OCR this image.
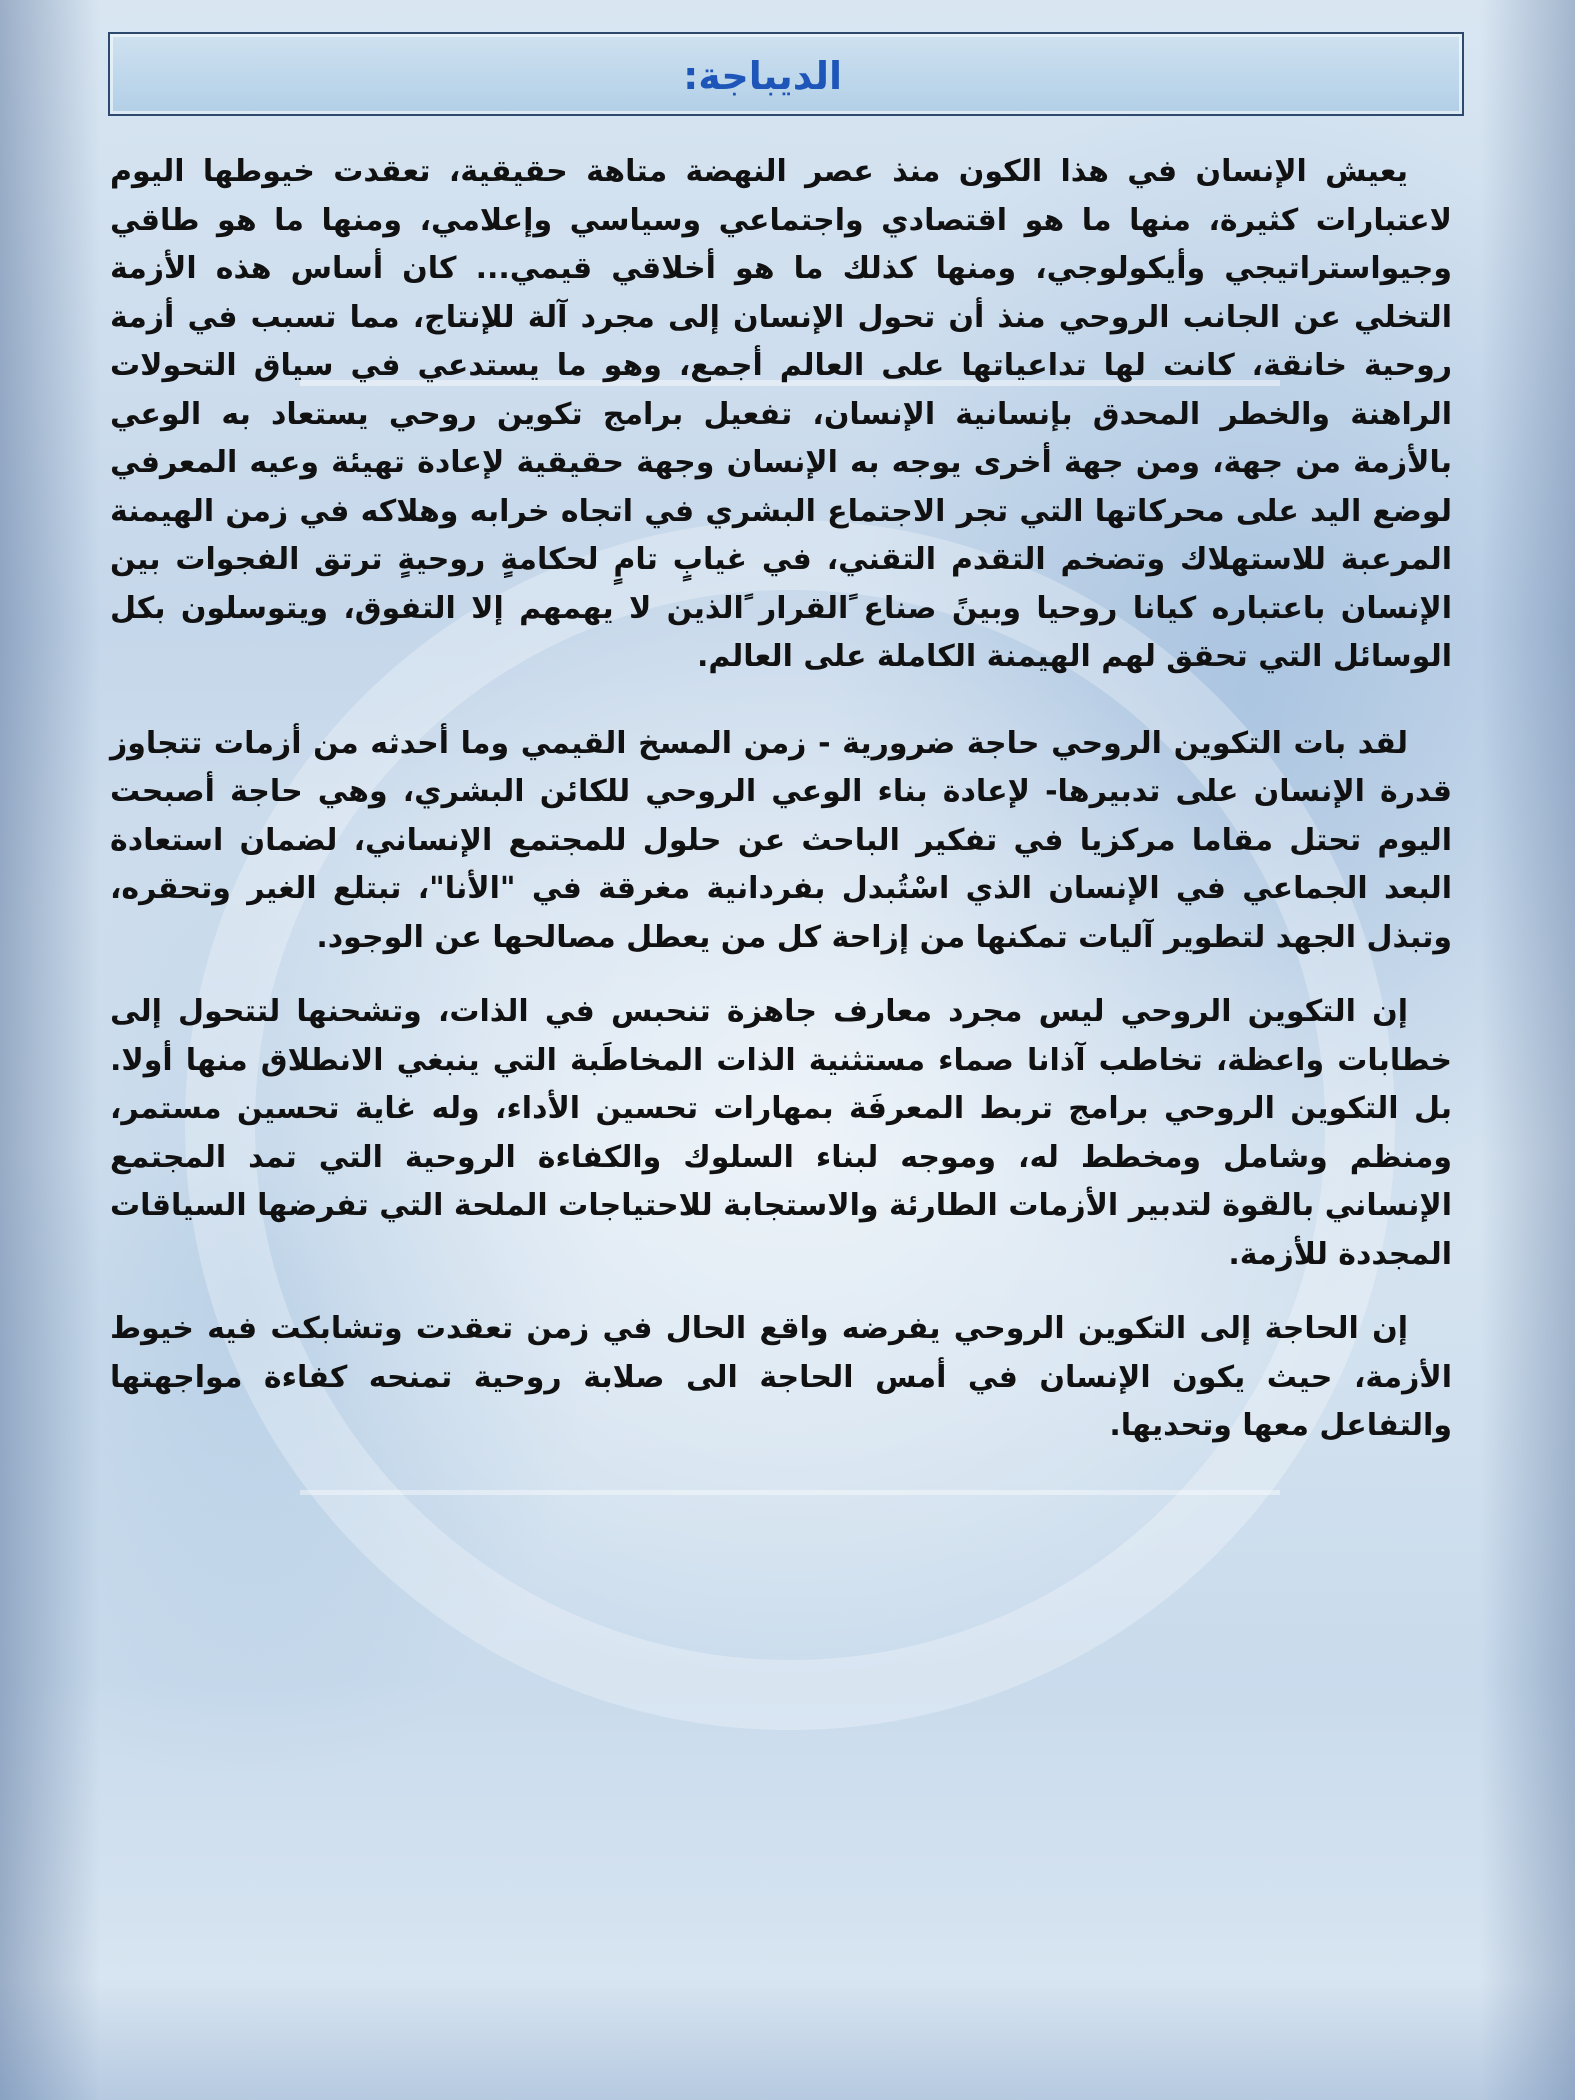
الديباجة:

يعيش الإنسان في هذا الكون منذ عصر النهضة متاهة حقيقية، تعقدت خيوطها اليوم لاعتبارات كثيرة، منها ما هو اقتصادي واجتماعي وسياسي وإعلامي، ومنها ما هو طاقي وجيواستراتيجي وأيكولوجي، ومنها كذلك ما هو أخلاقي قيمي... كان أساس هذه الأزمة التخلي عن الجانب الروحي منذ أن تحول الإنسان إلى مجرد آلة للإنتاج، مما تسبب في أزمة روحية خانقة، كانت لها تداعياتها على العالم أجمع، وهو ما يستدعي في سياق التحولات الراهنة والخطر المحدق بإنسانية الإنسان، تفعيل برامج تكوين روحي يستعاد به الوعي بالأزمة من جهة، ومن جهة أخرى يوجه به الإنسان وجهة حقيقية لإعادة تهيئة وعيه المعرفي لوضع اليد على محركاتها التي تجر الاجتماع البشري في اتجاه خرابه وهلاكه في زمن الهيمنة المرعبة للاستهلاك وتضخم التقدم التقني، في غيابٍ تامٍ لحكامةٍ روحيةٍ ترتق الفجوات بين الإنسان باعتباره كيانا روحيا وبينً صناع ًالقرار ًالذين لا يهمهم إلا التفوق، ويتوسلون بكل الوسائل التي تحقق لهم الهيمنة الكاملة على العالم.

لقد بات التكوين الروحي حاجة ضرورية - زمن المسخ القيمي وما أحدثه من أزمات تتجاوز قدرة الإنسان على تدبيرها- لإعادة بناء الوعي الروحي للكائن البشري، وهي حاجة أصبحت اليوم تحتل مقاما مركزيا في تفكير الباحث عن حلول للمجتمع الإنساني، لضمان استعادة البعد الجماعي في الإنسان الذي اسْتُبدل بفردانية مغرقة في "الأنا"، تبتلع الغير وتحقره، وتبذل الجهد لتطوير آليات تمكنها من إزاحة كل من يعطل مصالحها عن الوجود.

إن التكوين الروحي ليس مجرد معارف جاهزة تنحبس في الذات، وتشحنها لتتحول إلى خطابات واعظة، تخاطب آذانا صماء مستثنية الذات المخاطَبة التي ينبغي الانطلاق منها أولا. بل التكوين الروحي برامج تربط المعرفَة بمهارات تحسين الأداء، وله غاية تحسين مستمر، ومنظم وشامل ومخطط له، وموجه لبناء السلوك والكفاءة الروحية التي تمد المجتمع الإنساني بالقوة لتدبير الأزمات الطارئة والاستجابة للاحتياجات الملحة التي تفرضها السياقات المجددة للأزمة.

إن الحاجة إلى التكوين الروحي يفرضه واقع الحال في زمن تعقدت وتشابكت فيه خيوط الأزمة، حيث يكون الإنسان في أمس الحاجة الى صلابة روحية تمنحه كفاءة مواجهتها والتفاعل معها وتحديها.
